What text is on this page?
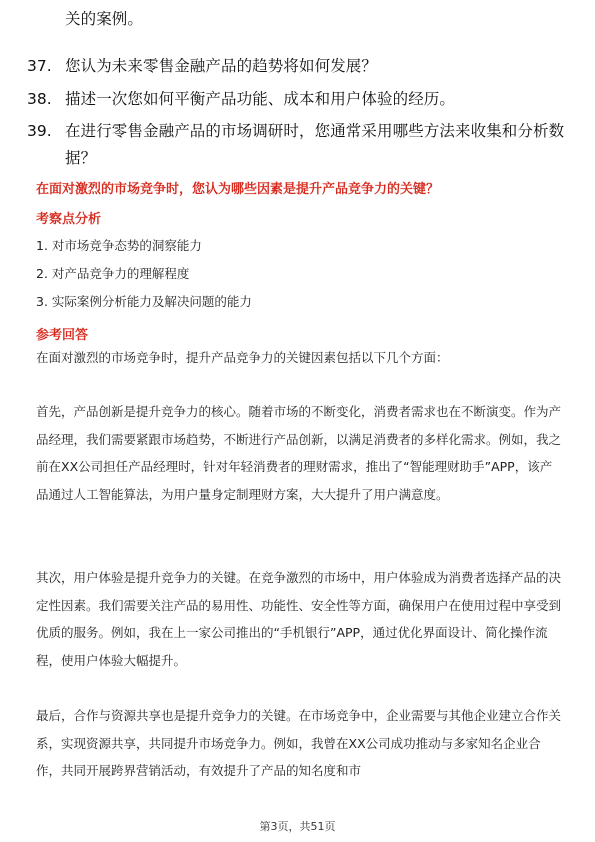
关的案例。
37. 您认为未来零售金融产品的趋势将如何发展？
38. 描述一次您如何平衡产品功能、成本和用户体验的经历。
39. 在进行零售金融产品的市场调研时，您通常采用哪些方法来收集和分析数据？
在面对激烈的市场竞争时，您认为哪些因素是提升产品竞争力的关键？
考察点分析
1. 对市场竞争态势的洞察能力
2. 对产品竞争力的理解程度
3. 实际案例分析能力及解决问题的能力
参考回答
在面对激烈的市场竞争时，提升产品竞争力的关键因素包括以下几个方面：

首先，产品创新是提升竞争力的核心。随着市场的不断变化，消费者需求也在不断演变。作为产品经理，我们需要紧跟市场趋势，不断进行产品创新，以满足消费者的多样化需求。例如，我之前在XX公司担任产品经理时，针对年轻消费者的理财需求，推出了“智能理财助手”APP，该产品通过人工智能算法，为用户量身定制理财方案，大大提升了用户满意度。

其次，用户体验是提升竞争力的关键。在竞争激烈的市场中，用户体验成为消费者选择产品的决定性因素。我们需要关注产品的易用性、功能性、安全性等方面，确保用户在使用过程中享受到优质的服务。例如，我在上一家公司推出的“手机银行”APP，通过优化界面设计、简化操作流程，使用户体验大幅提升。

最后，合作与资源共享也是提升竞争力的关键。在市场竞争中，企业需要与其他企业建立合作关系，实现资源共享，共同提升市场竞争力。例如，我曾在XX公司成功推动与多家知名企业合作，共同开展跨界营销活动，有效提升了产品的知名度和市

第3页，共51页
